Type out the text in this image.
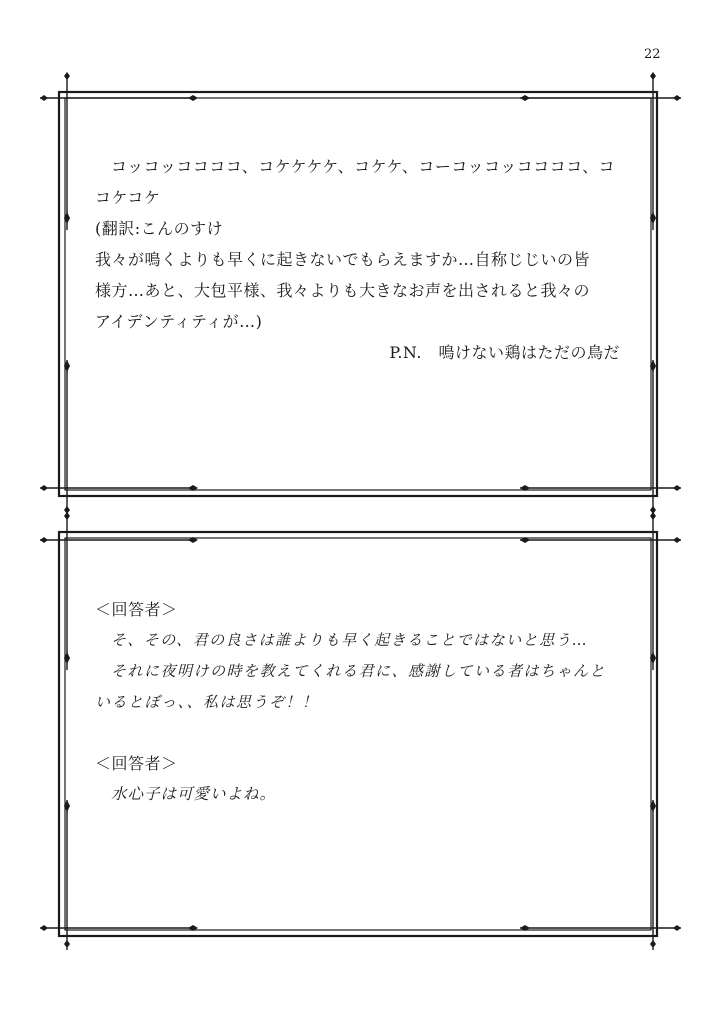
22
コッコッココココ、コケケケケ、コケケ、コーコッコッココココ、コ
コケコケ
(翻訳:こんのすけ
我々が鳴くよりも早くに起きないでもらえますか…自称じじいの皆
様方…あと、大包平様、我々よりも大きなお声を出されると我々の
アイデンティティが…)
P.N.　鳴けない鶏はただの鳥だ
＜回答者＞
そ、その、君の良さは誰よりも早く起きることではないと思う…
それに夜明けの時を教えてくれる君に、感謝している者はちゃんと
いるとぼっ、、私は思うぞ！！
＜回答者＞
水心子は可愛いよね。
